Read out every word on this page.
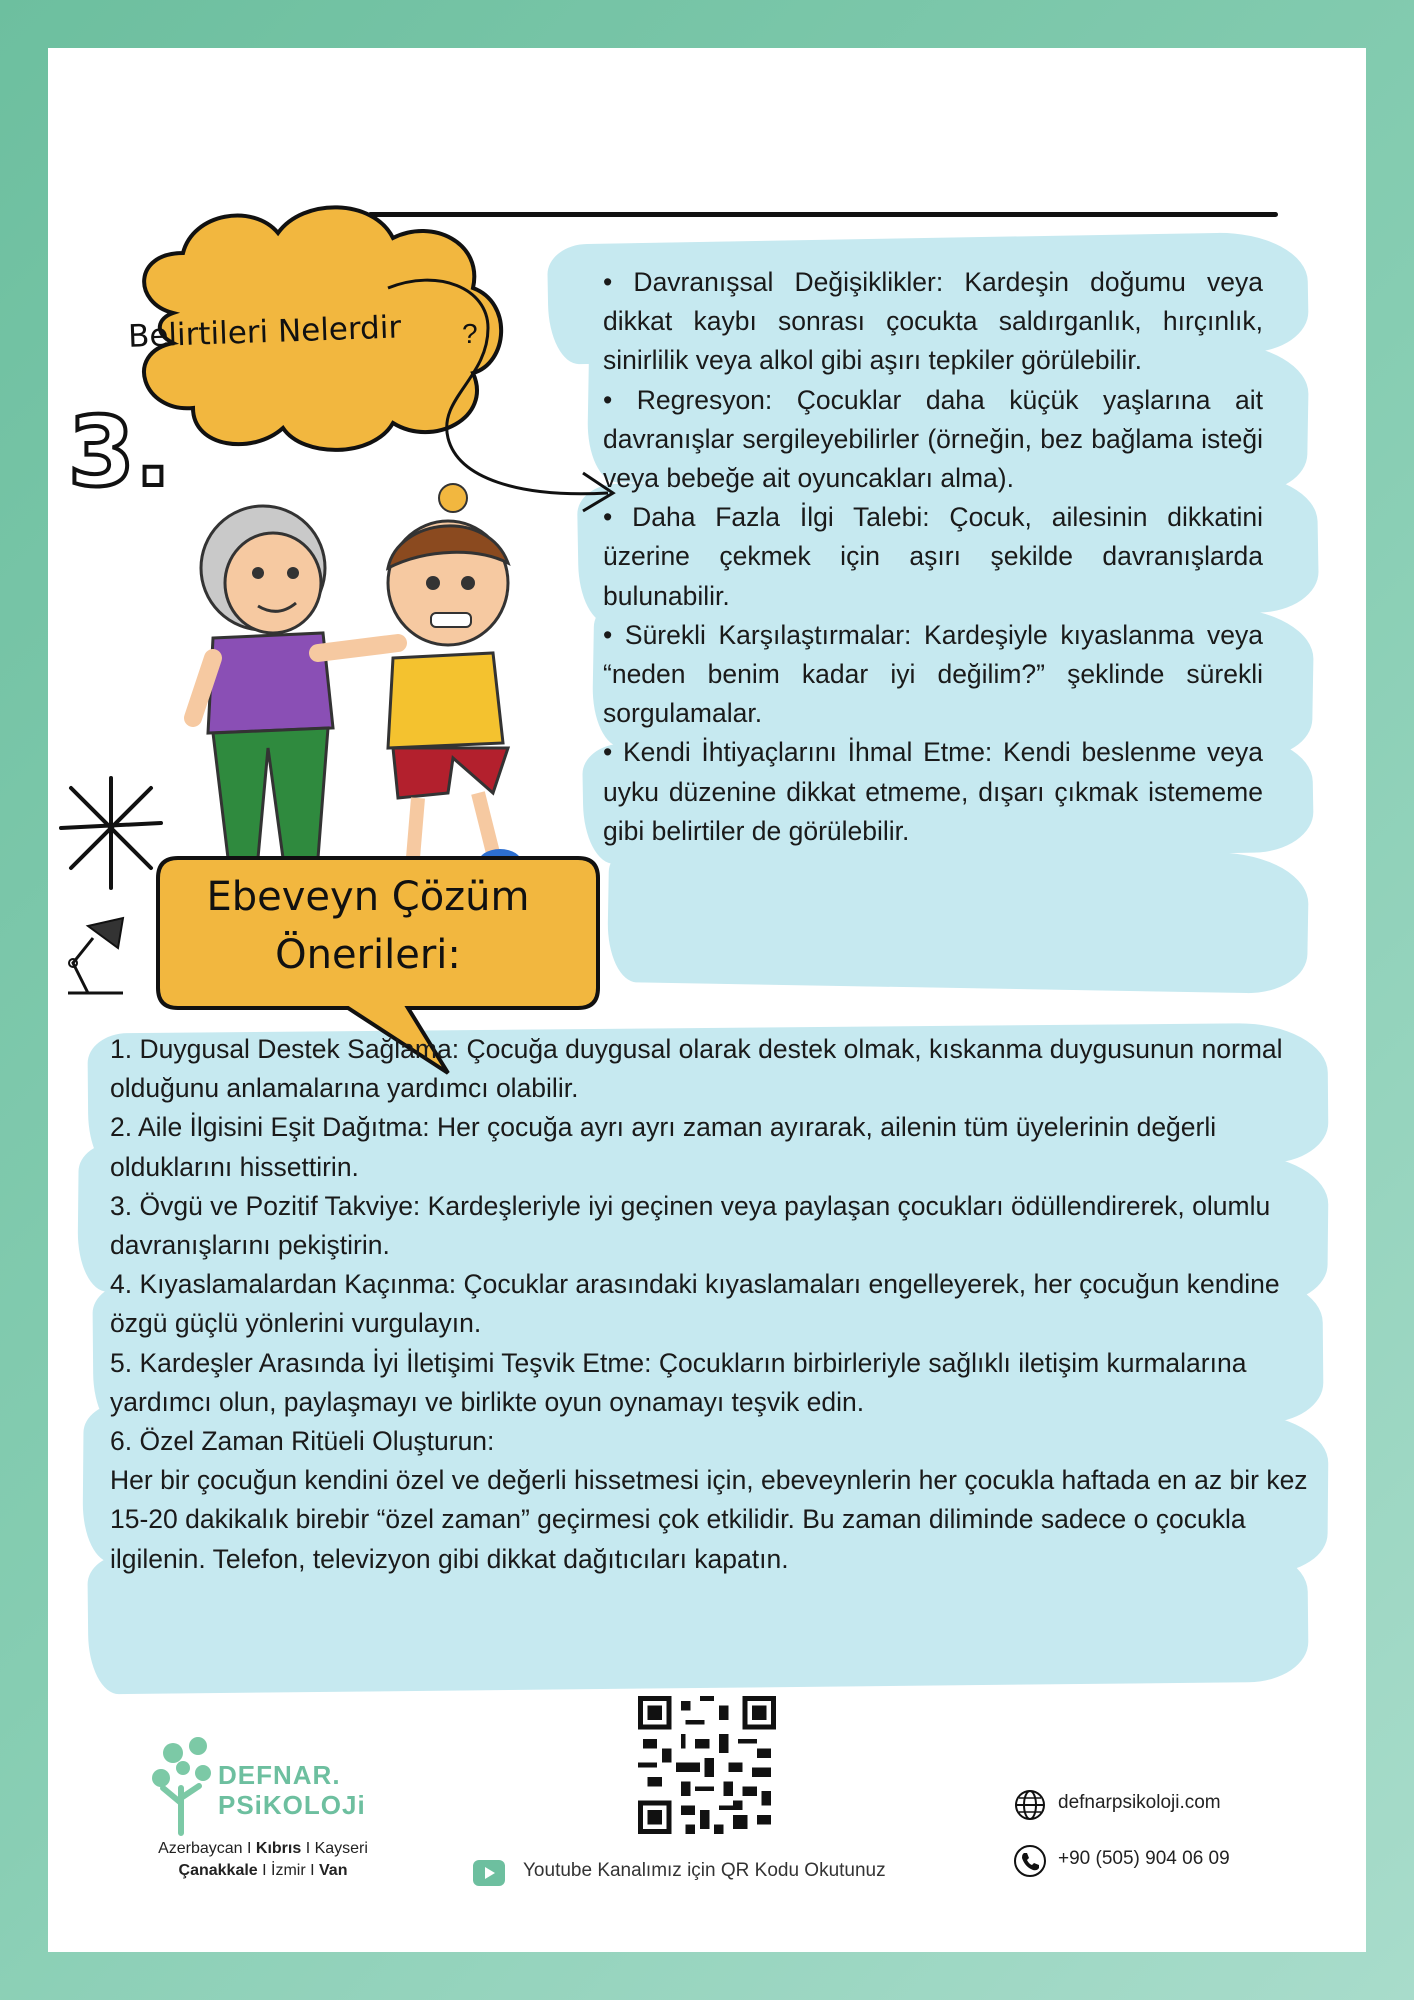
Belirtileri Nelerdir	?
3.
Ebeveyn Çözüm
Önerileri:

• Davranışsal Değişiklikler: Kardeşin doğumu veya dikkat kaybı sonrası çocukta saldırganlık, hırçınlık, sinirlilik veya alkol gibi aşırı tepkiler görülebilir.

• Regresyon: Çocuklar daha küçük yaşlarına ait davranışlar sergileyebilirler (örneğin, bez bağlama isteği veya bebeğe ait oyuncakları alma).

• Daha Fazla İlgi Talebi: Çocuk, ailesinin dikkatini üzerine çekmek için aşırı şekilde davranışlarda bulunabilir.

• Sürekli Karşılaştırmalar: Kardeşiyle kıyaslanma veya “neden benim kadar iyi değilim?” şeklinde sürekli sorgulamalar.

• Kendi İhtiyaçlarını İhmal Etme: Kendi beslenme veya uyku düzenine dikkat etmeme, dışarı çıkmak istememe gibi belirtiler de görülebilir.

1. Duygusal Destek Sağlama: Çocuğa duygusal olarak destek olmak, kıskanma duygusunun normal olduğunu anlamalarına yardımcı olabilir.

2. Aile İlgisini Eşit Dağıtma: Her çocuğa ayrı ayrı zaman ayırarak, ailenin tüm üyelerinin değerli olduklarını hissettirin.

3. Övgü ve Pozitif Takviye: Kardeşleriyle iyi geçinen veya paylaşan çocukları ödüllendirerek, olumlu davranışlarını pekiştirin.

4. Kıyaslamalardan Kaçınma: Çocuklar arasındaki kıyaslamaları engelleyerek, her çocuğun kendine özgü güçlü yönlerini vurgulayın.

5. Kardeşler Arasında İyi İletişimi Teşvik Etme: Çocukların birbirleriyle sağlıklı iletişim kurmalarına yardımcı olun, paylaşmayı ve birlikte oyun oynamayı teşvik edin.

6. Özel Zaman Ritüeli Oluşturun:

Her bir çocuğun kendini özel ve değerli hissetmesi için, ebeveynlerin her çocukla haftada en az bir kez 15-20 dakikalık birebir “özel zaman” geçirmesi çok etkilidir. Bu zaman diliminde sadece o çocukla ilgilenin. Telefon, televizyon gibi dikkat dağıtıcıları kapatın.

DEFNAR.
PSiKOLOJi
Azerbaycan I Kıbrıs I Kayseri
Çanakkale I İzmir I Van	Youtube Kanalımız için QR Kodu Okutunuz
defnarpsikoloji.com
+90 (505) 904 06 09
